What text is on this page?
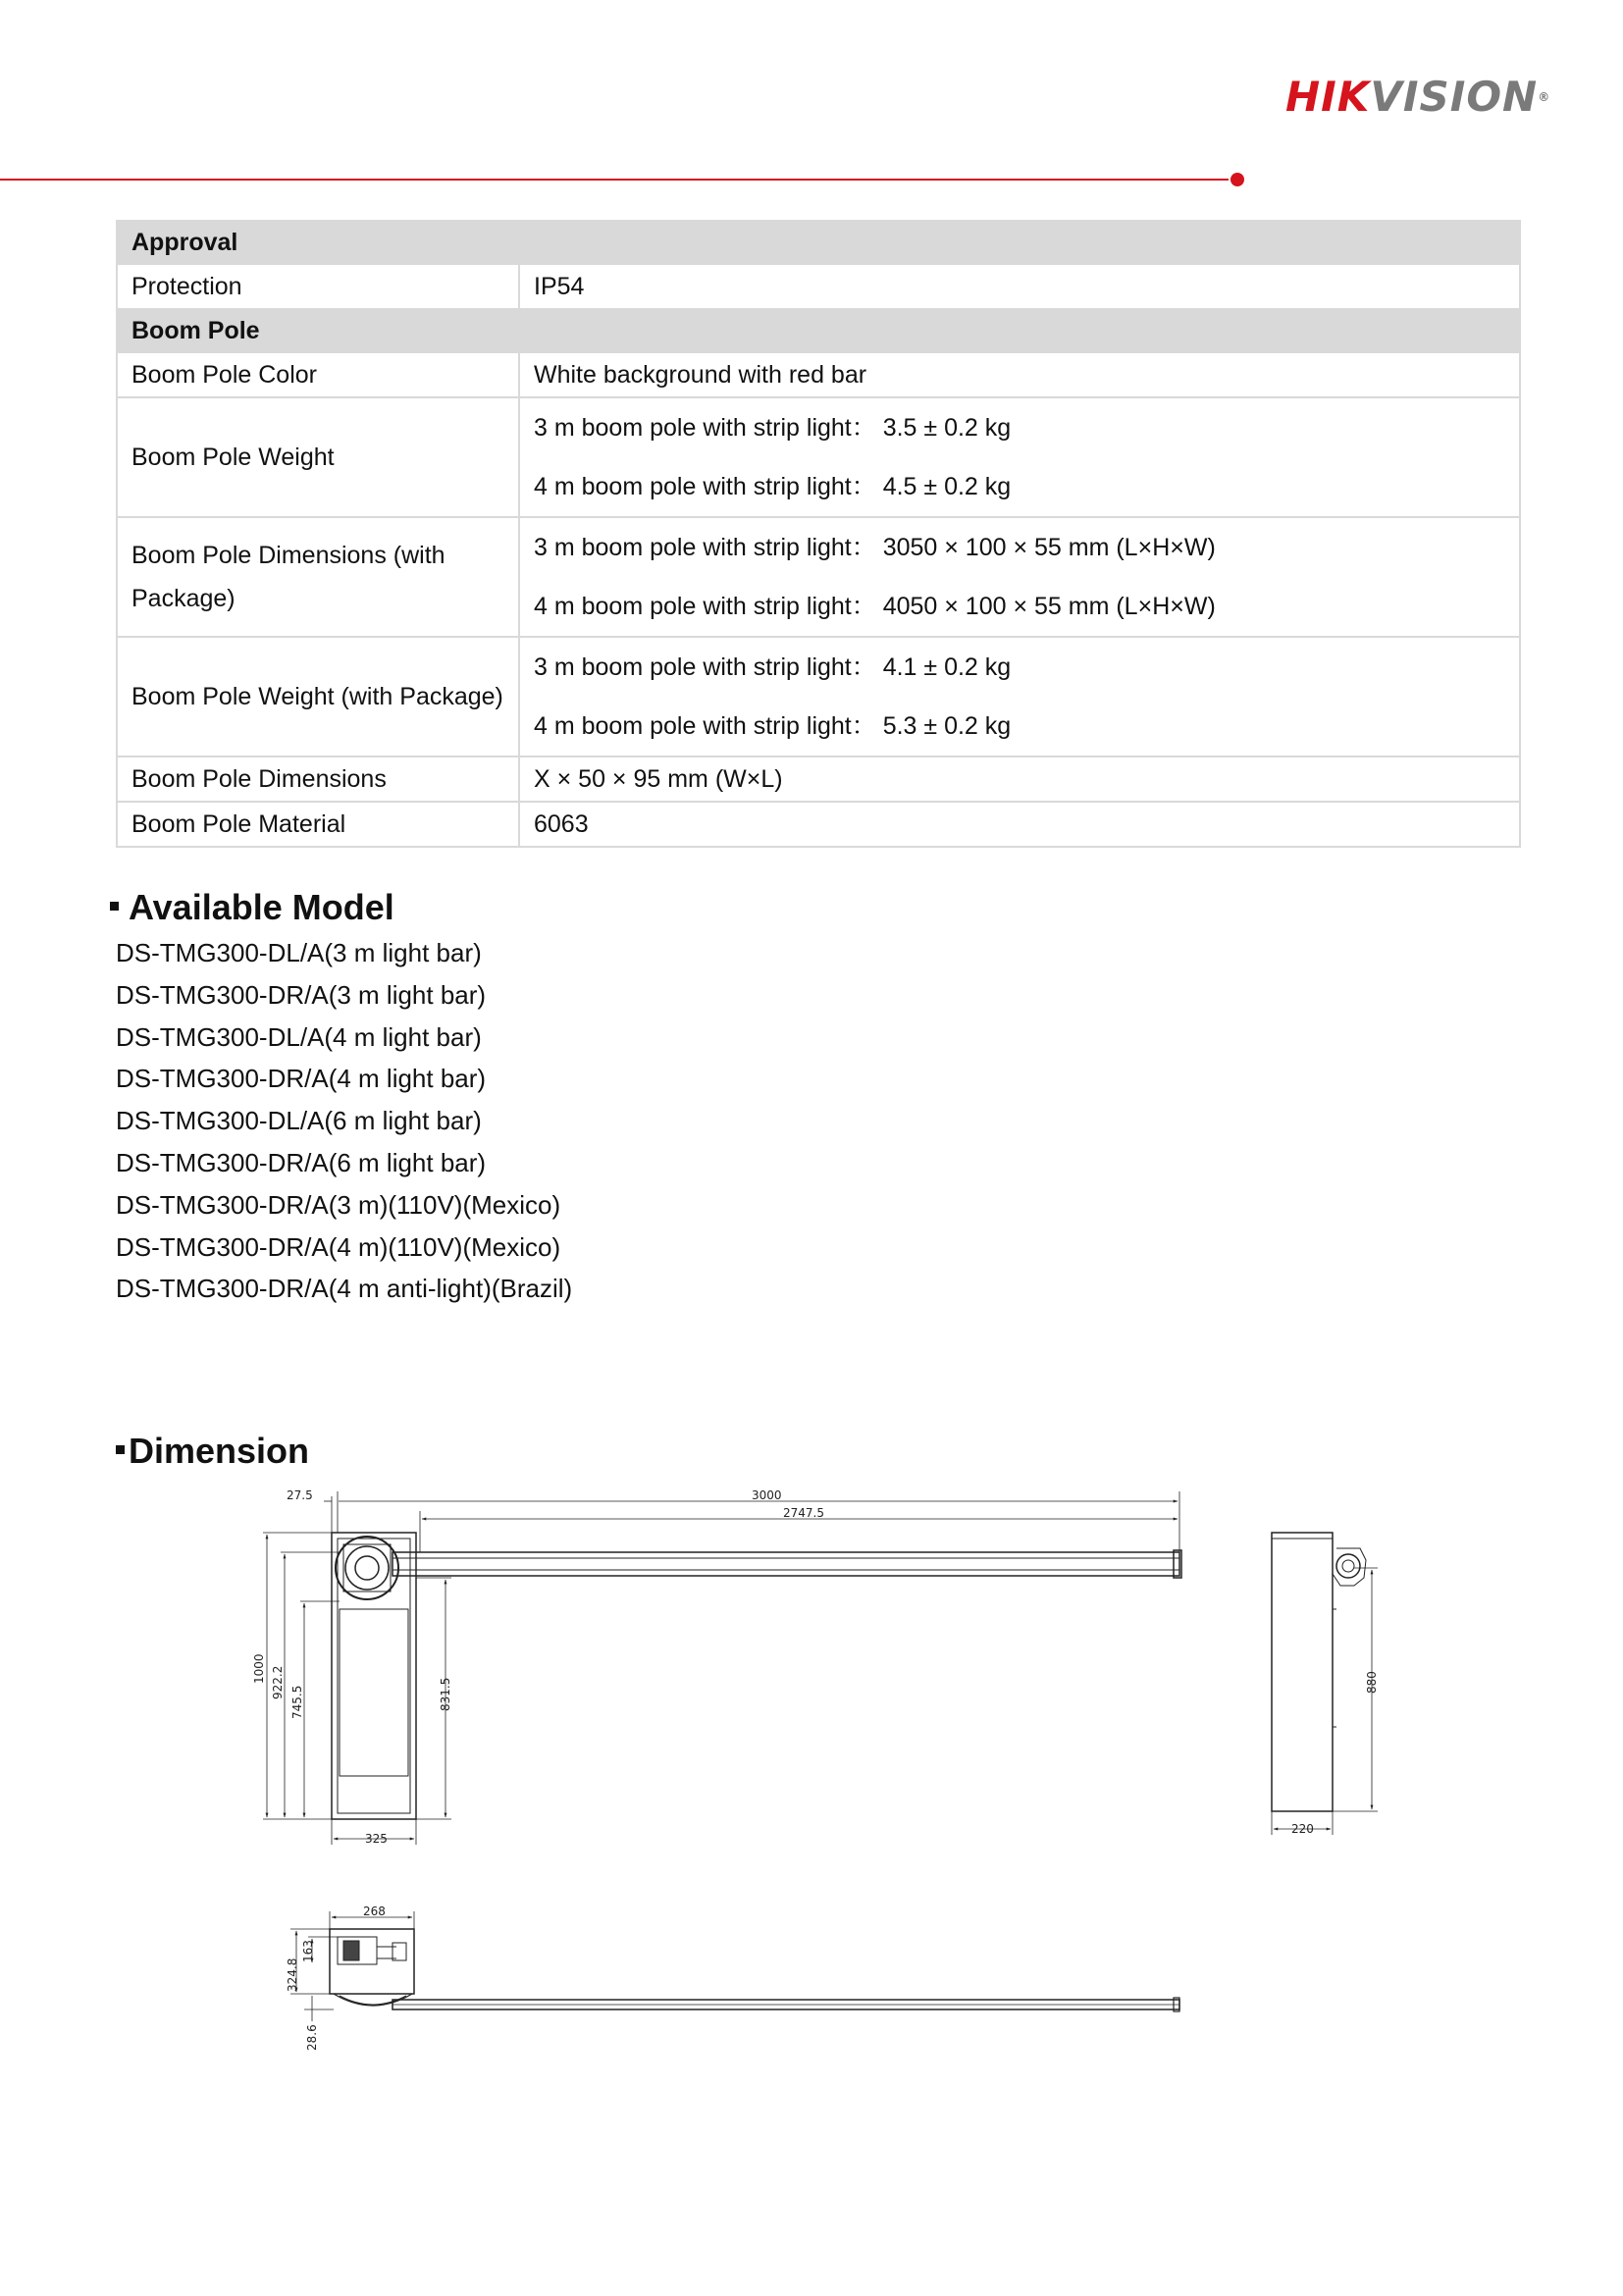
HIKVISION®
Approval	
Protection	IP54
Boom Pole	
Boom Pole Color	White background with red bar
Boom Pole Weight	3 m boom pole with strip light： 3.5 ± 0.2 kg
4 m boom pole with strip light： 4.5 ± 0.2 kg

Boom Pole Dimensions (with Package)	3 m boom pole with strip light： 3050 × 100 × 55 mm (L×H×W)
4 m boom pole with strip light： 4050 × 100 × 55 mm (L×H×W)

Boom Pole Weight (with Package)	3 m boom pole with strip light： 4.1 ± 0.2 kg
4 m boom pole with strip light： 5.3 ± 0.2 kg

Boom Pole Dimensions	X × 50 × 95 mm (W×L)
Boom Pole Material	6063
Available Model
DS-TMG300-DL/A(3 m light bar)
DS-TMG300-DR/A(3 m light bar)
DS-TMG300-DL/A(4 m light bar)
DS-TMG300-DR/A(4 m light bar)
DS-TMG300-DL/A(6 m light bar)
DS-TMG300-DR/A(6 m light bar)
DS-TMG300-DR/A(3 m)(110V)(Mexico)
DS-TMG300-DR/A(4 m)(110V)(Mexico)
DS-TMG300-DR/A(4 m anti-light)(Brazil)
Dimension
27.5	3000
2747.5
1000 922.2
745.5	831.5
325
880
220
268
324.8
163
28.6
